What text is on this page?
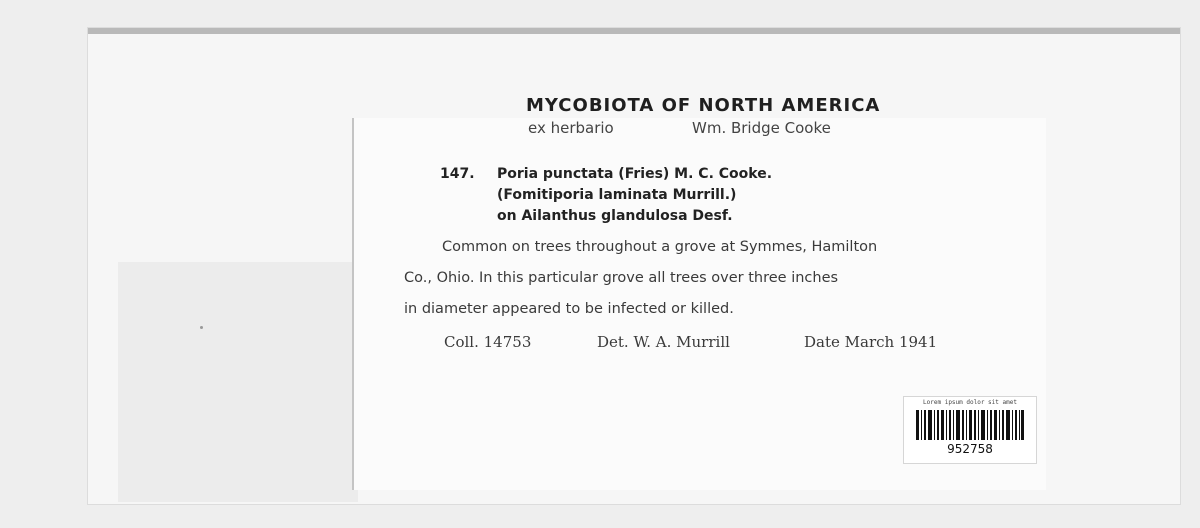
MYCOBIOTA OF NORTH AMERICA
ex herbario	Wm. Bridge Cooke
147. Poria punctata (Fries) M. C. Cooke.
(Fomitiporia laminata Murrill.)
on Ailanthus glandulosa Desf.
Common on trees throughout a grove at Symmes, Hamilton
Co., Ohio. In this particular grove all trees over three inches
in diameter appeared to be infected or killed.
Coll. 14753	Det. W. A. Murrill	Date March 1941
Lorem ipsum dolor sit amet
952758
